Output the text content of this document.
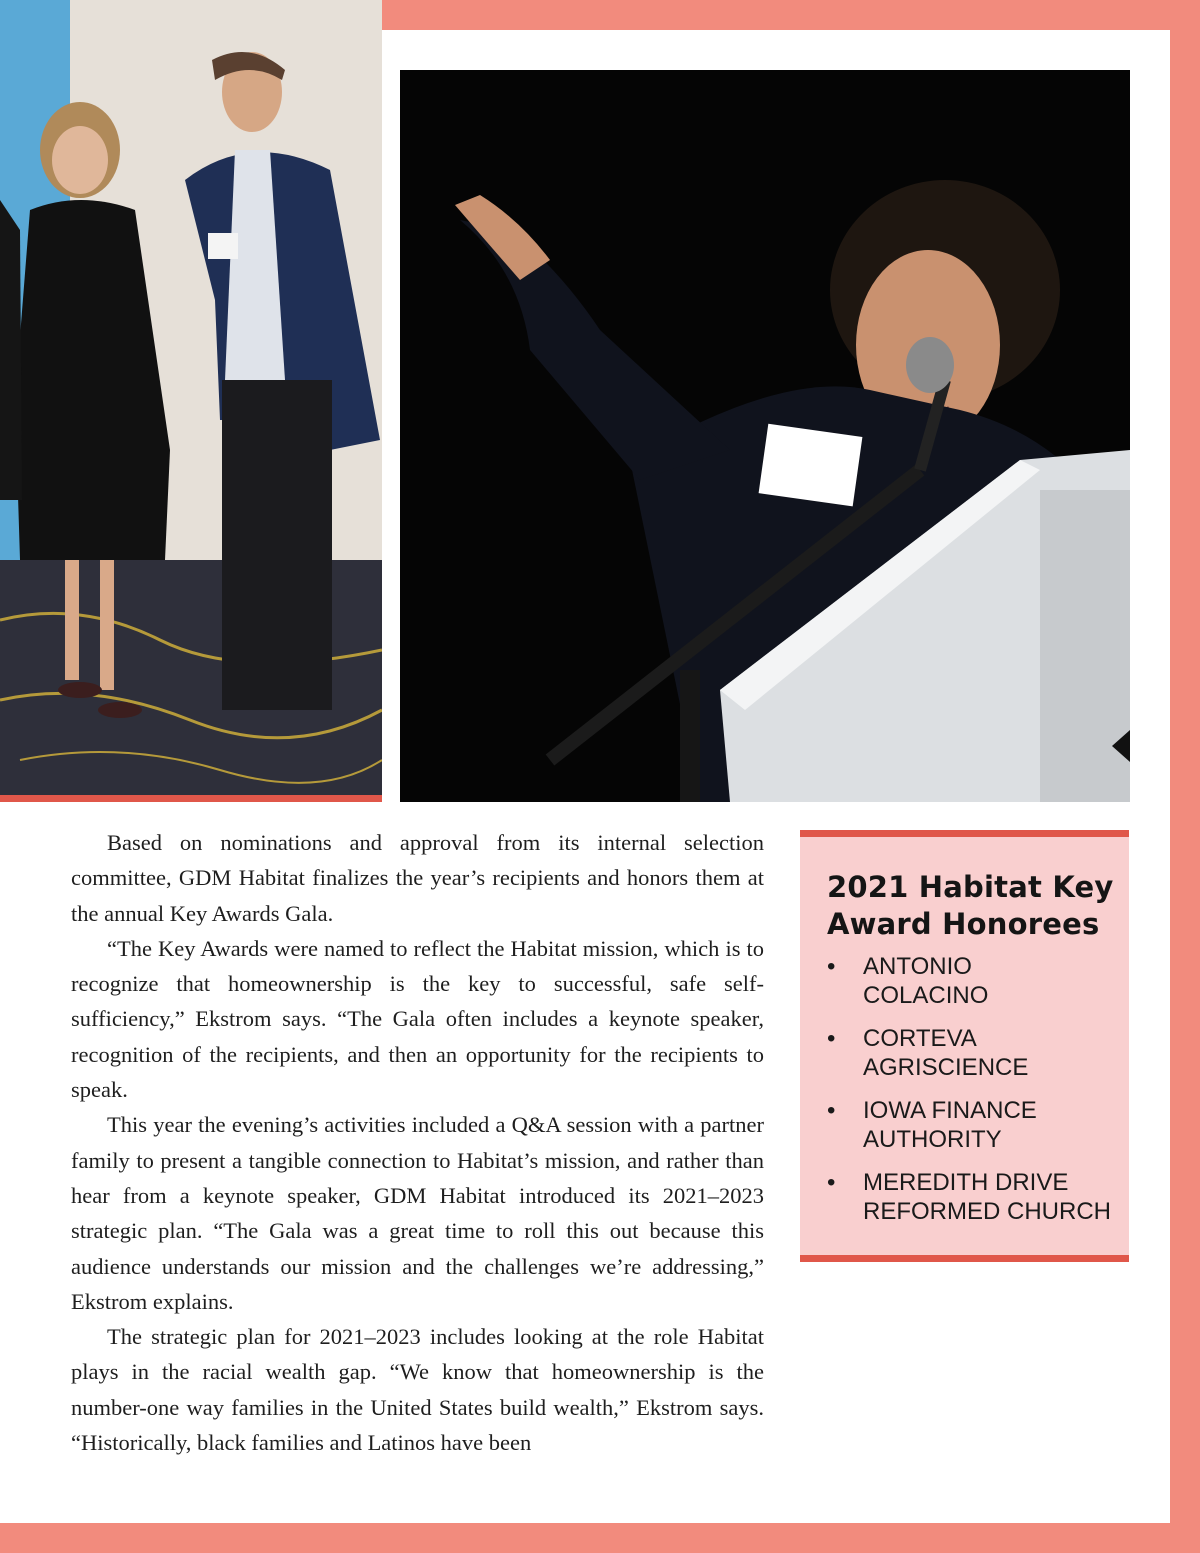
Based on nominations and approval from its internal selection committee, GDM Habitat finalizes the year’s recipients and honors them at the annual Key Awards Gala.

“The Key Awards were named to reflect the Habitat mission, which is to recognize that homeownership is the key to successful, safe self-sufficiency,” Ekstrom says. “The Gala often includes a keynote speaker, recognition of the recipients, and then an opportunity for the recipients to speak.

This year the evening’s activities included a Q&A session with a partner family to present a tangible connection to Habitat’s mission, and rather than hear from a keynote speaker, GDM Habitat introduced its 2021–2023 strategic plan. “The Gala was a great time to roll this out because this audience understands our mission and the challenges we’re addressing,” Ekstrom explains.

The strategic plan for 2021–2023 includes looking at the role Habitat plays in the racial wealth gap. “We know that homeownership is the number-one way families in the United States build wealth,” Ekstrom says. “Historically, black families and Latinos have been

2021 Habitat Key Award Honorees
• ANTONIO
COLACINO
• CORTEVA
AGRISCIENCE
• IOWA FINANCE
AUTHORITY
• MEREDITH DRIVE
REFORMED CHURCH
